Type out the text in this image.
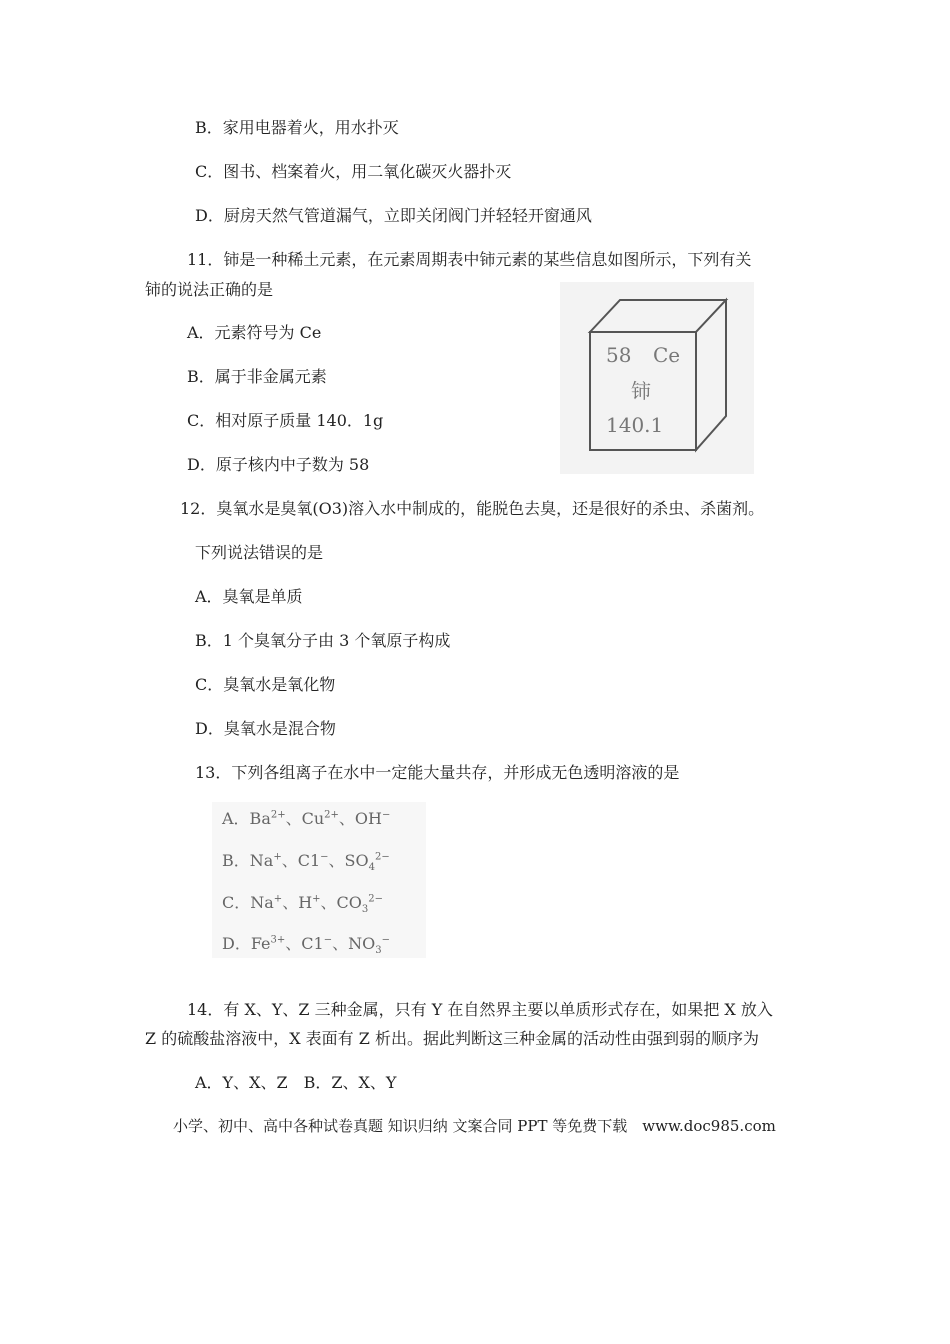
B．家用电器着火，用水扑灭
C．图书、档案着火，用二氧化碳灭火器扑灭
D．厨房天然气管道漏气，立即关闭阀门并轻轻开窗通风
11．铈是一种稀土元素，在元素周期表中铈元素的某些信息如图所示，下列有关
铈的说法正确的是
A．元素符号为 Ce
B．属于非金属元素
C．相对原子质量 140．1g
D．原子核内中子数为 58
58 Ce
铈
140.1
12．臭氧水是臭氧(O3)溶入水中制成的，能脱色去臭，还是很好的杀虫、杀菌剂。
下列说法错误的是
A．臭氧是单质
B．1 个臭氧分子由 3 个氧原子构成
C．臭氧水是氧化物
D．臭氧水是混合物
13．下列各组离子在水中一定能大量共存，并形成无色透明溶液的是
A．$Ba^{2+}$、$Cu^{2+}$、OH−
B．Na+、C1−、$SO_4^{2-}$
C．Na+、H+、$CO_3^{2-}$
D．$Fe^{3+}$、C1−、$NO_3^-$
14．有 X、Y、Z 三种金属，只有 Y 在自然界主要以单质形式存在，如果把 X 放入
Z 的硫酸盐溶液中，X 表面有 Z 析出。据此判断这三种金属的活动性由强到弱的顺序为
A．Y、X、Z　B．Z、X、Y
小学、初中、高中各种试卷真题 知识归纳 文案合同 PPT 等免费下载　www.doc985.com
